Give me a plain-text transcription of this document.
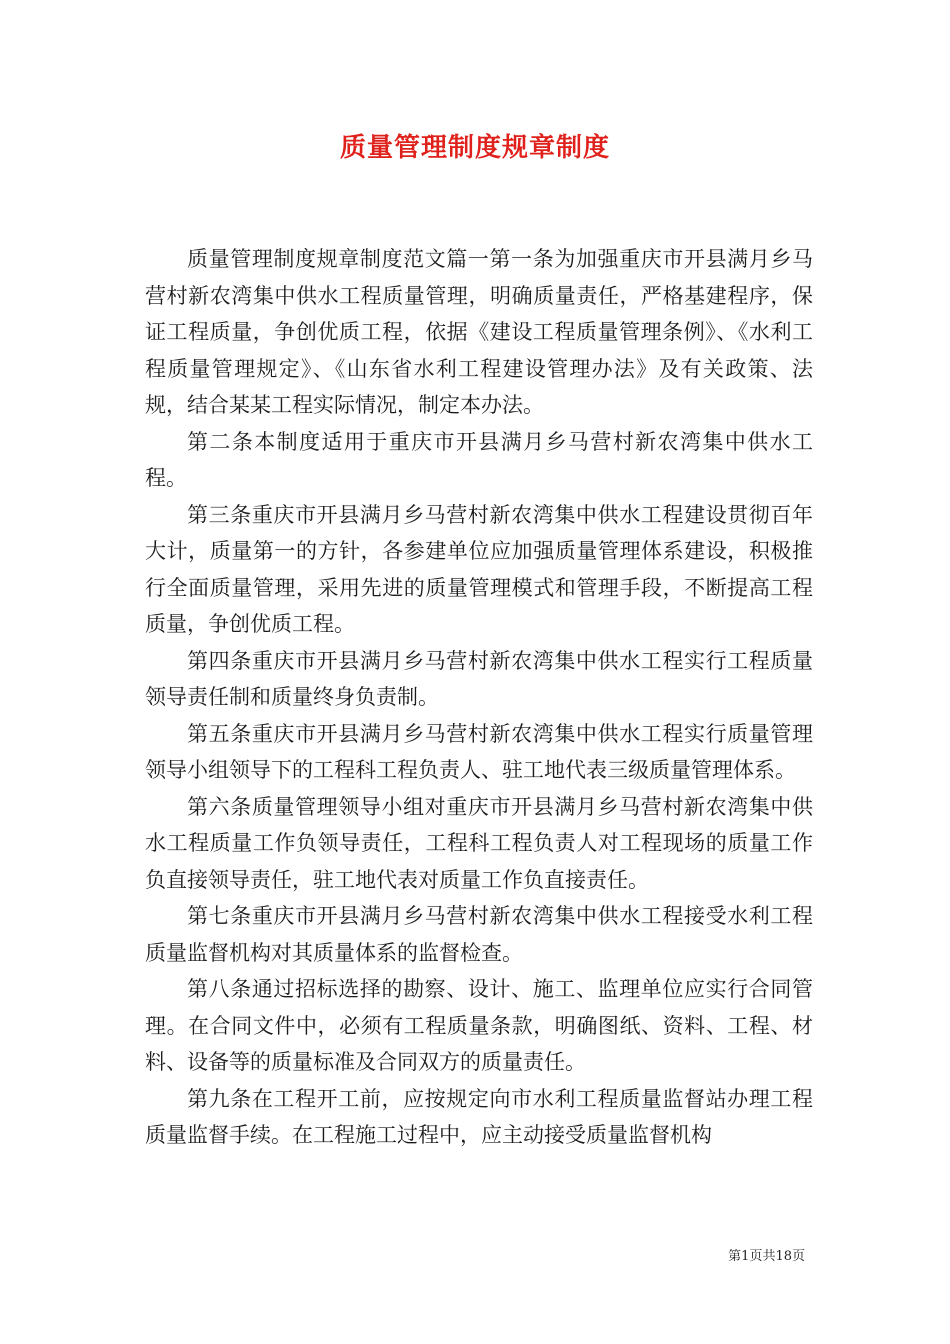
质量管理制度规章制度

质量管理制度规章制度范文篇一第一条为加强重庆市开县满月乡马营村新农湾集中供水工程质量管理，明确质量责任，严格基建程序，保证工程质量，争创优质工程，依据《建设工程质量管理条例》、《水利工程质量管理规定》、《山东省水利工程建设管理办法》及有关政策、法规，结合某某工程实际情况，制定本办法。

第二条本制度适用于重庆市开县满月乡马营村新农湾集中供水工程。

第三条重庆市开县满月乡马营村新农湾集中供水工程建设贯彻百年大计，质量第一的方针，各参建单位应加强质量管理体系建设，积极推行全面质量管理，采用先进的质量管理模式和管理手段，不断提高工程质量，争创优质工程。

第四条重庆市开县满月乡马营村新农湾集中供水工程实行工程质量领导责任制和质量终身负责制。

第五条重庆市开县满月乡马营村新农湾集中供水工程实行质量管理领导小组领导下的工程科工程负责人、驻工地代表三级质量管理体系。

第六条质量管理领导小组对重庆市开县满月乡马营村新农湾集中供水工程质量工作负领导责任，工程科工程负责人对工程现场的质量工作负直接领导责任，驻工地代表对质量工作负直接责任。

第七条重庆市开县满月乡马营村新农湾集中供水工程接受水利工程质量监督机构对其质量体系的监督检查。

第八条通过招标选择的勘察、设计、施工、监理单位应实行合同管理。在合同文件中，必须有工程质量条款，明确图纸、资料、工程、材料、设备等的质量标准及合同双方的质量责任。

第九条在工程开工前，应按规定向市水利工程质量监督站办理工程质量监督手续。在工程施工过程中，应主动接受质量监督机构

第1页共18页
